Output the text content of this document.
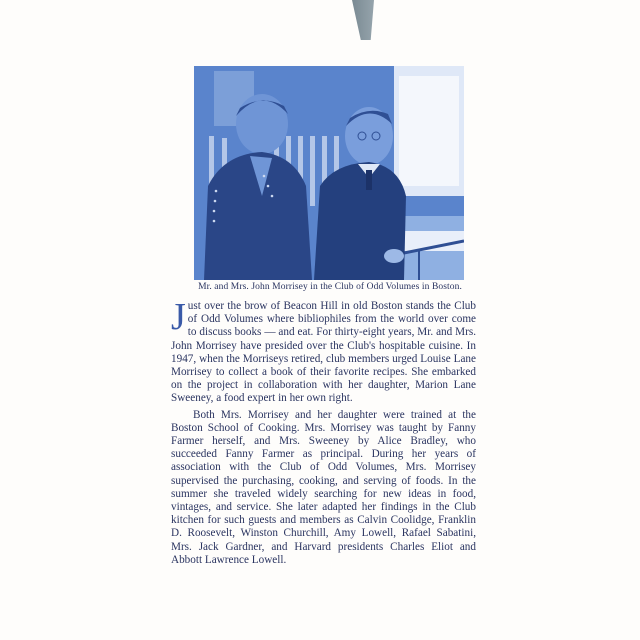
Mr. and Mrs. John Morrisey in the Club of Odd Volumes in Boston.

Just over the brow of Beacon Hill in old Boston stands the Club of Odd Volumes where bibliophiles from the world over come to discuss books — and eat. For thirty-eight years, Mr. and Mrs. John Morrisey have presided over the Club's hospitable cuisine. In 1947, when the Morriseys retired, club members urged Louise Lane Morrisey to collect a book of their favorite recipes. She embarked on the project in collaboration with her daughter, Marion Lane Sweeney, a food expert in her own right.

Both Mrs. Morrisey and her daughter were trained at the Boston School of Cooking. Mrs. Morrisey was taught by Fanny Farmer herself, and Mrs. Sweeney by Alice Bradley, who succeeded Fanny Farmer as principal. During her years of association with the Club of Odd Volumes, Mrs. Morrisey supervised the purchasing, cooking, and serving of foods. In the summer she traveled widely searching for new ideas in food, vintages, and service. She later adapted her findings in the Club kitchen for such guests and members as Calvin Coolidge, Franklin D. Roosevelt, Winston Churchill, Amy Lowell, Rafael Sabatini, Mrs. Jack Gardner, and Harvard presidents Charles Eliot and Abbott Lawrence Lowell.
